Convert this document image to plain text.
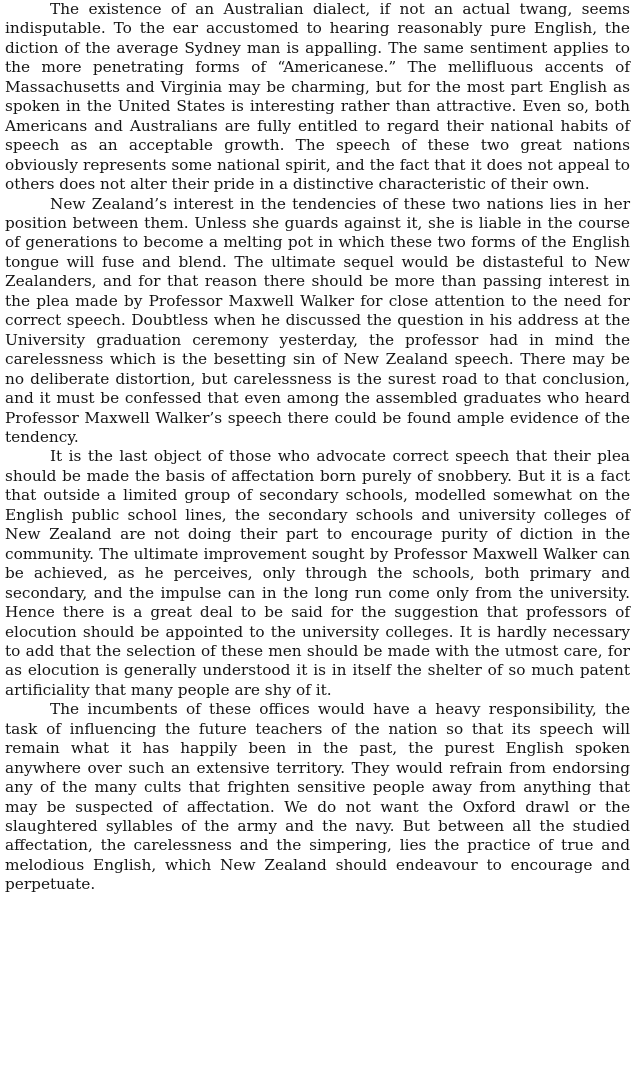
The existence of an Australian dialect, if not an actual twang, seems indisputable. To the ear accustomed to hearing reasonably pure English, the diction of the average Sydney man is appalling. The same sentiment applies to the more penetrating forms of “Americanese.” The mellifluous accents of Massachusetts and Virginia may be charming, but for the most part English as spoken in the United States is interesting rather than attractive. Even so, both Americans and Australians are fully entitled to regard their national habits of speech as an acceptable growth. The speech of these two great nations obviously represents some national spirit, and the fact that it does not appeal to others does not alter their pride in a distinctive characteristic of their own.

New Zealand’s interest in the tendencies of these two nations lies in her position between them. Unless she guards against it, she is liable in the course of generations to become a melting pot in which these two forms of the English tongue will fuse and blend. The ultimate sequel would be distasteful to New Zealanders, and for that reason there should be more than passing interest in the plea made by Professor Maxwell Walker for close attention to the need for correct speech. Doubtless when he discussed the question in his address at the University graduation ceremony yesterday, the professor had in mind the carelessness which is the besetting sin of New Zealand speech. There may be no deliberate distortion, but carelessness is the surest road to that conclusion, and it must be confessed that even among the assembled graduates who heard Professor Maxwell Walker’s speech there could be found ample evidence of the tendency.

It is the last object of those who advocate correct speech that their plea should be made the basis of affectation born purely of snobbery. But it is a fact that outside a limited group of secondary schools, modelled somewhat on the English public school lines, the secondary schools and university colleges of New Zealand are not doing their part to encourage purity of diction in the community. The ultimate improvement sought by Professor Maxwell Walker can be achieved, as he perceives, only through the schools, both primary and secondary, and the impulse can in the long run come only from the university. Hence there is a great deal to be said for the suggestion that professors of elocution should be appointed to the university colleges. It is hardly necessary to add that the selection of these men should be made with the utmost care, for as elocution is generally understood it is in itself the shelter of so much patent artificiality that many people are shy of it.

The incumbents of these offices would have a heavy responsibility, the task of influencing the future teachers of the nation so that its speech will remain what it has happily been in the past, the purest English spoken anywhere over such an extensive territory. They would refrain from endorsing any of the many cults that frighten sensitive people away from anything that may be suspected of affectation. We do not want the Oxford drawl or the slaughtered syllables of the army and the navy. But between all the studied affectation, the carelessness and the simpering, lies the practice of true and melodious English, which New Zealand should endeavour to encourage and perpetuate.
